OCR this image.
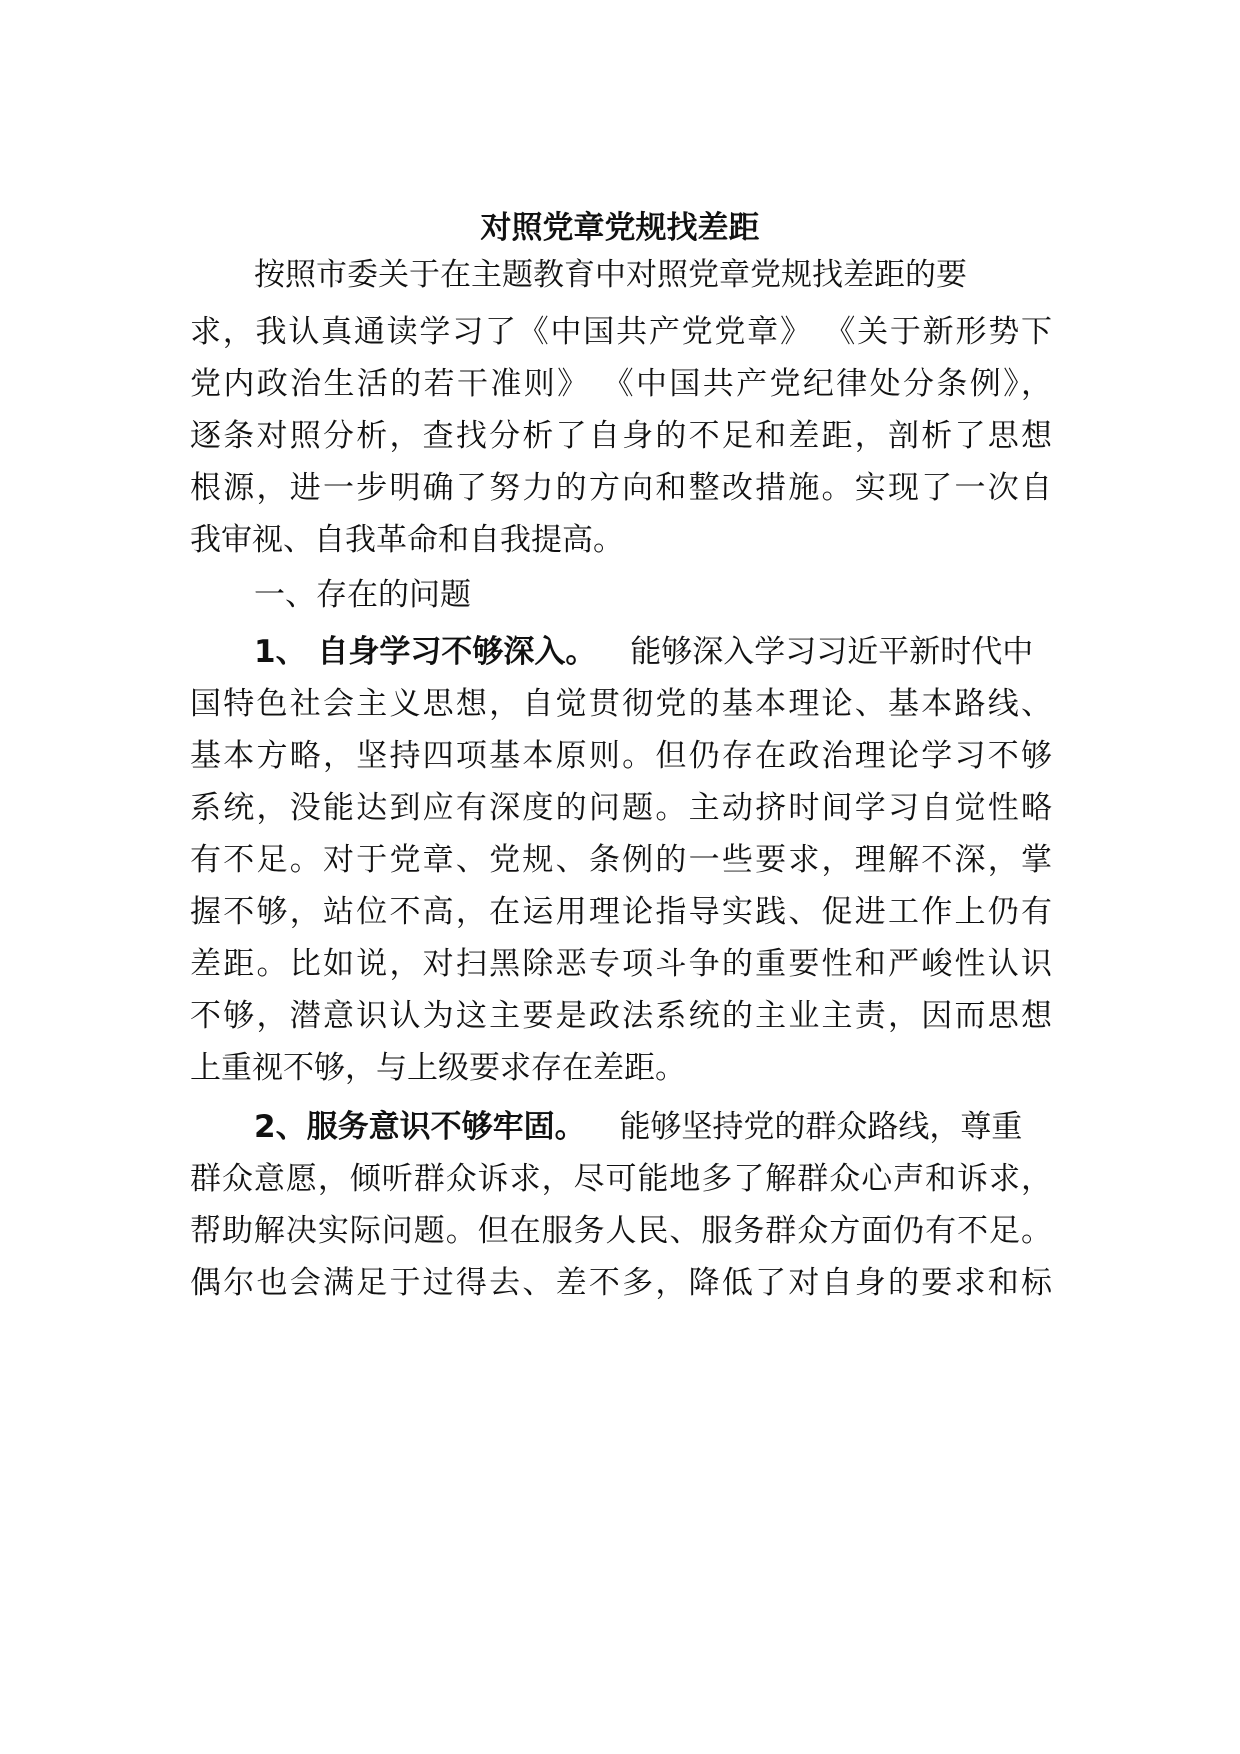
对照党章党规找差距
按照市委关于在主题教育中对照党章党规找差距的要
求，我认真通读学习了《中国共产党党章》 《关于新形势下
党内政治生活的若干准则》 《中国共产党纪律处分条例》，
逐条对照分析，查找分析了自身的不足和差距，剖析了思想
根源，进一步明确了努力的方向和整改措施。实现了一次自
我审视、自我革命和自我提高。
一、存在的问题
1、 自身学习不够深入。 能够深入学习习近平新时代中
国特色社会主义思想，自觉贯彻党的基本理论、基本路线、
基本方略，坚持四项基本原则。但仍存在政治理论学习不够
系统，没能达到应有深度的问题。主动挤时间学习自觉性略
有不足。对于党章、党规、条例的一些要求，理解不深，掌
握不够，站位不高，在运用理论指导实践、促进工作上仍有
差距。比如说，对扫黑除恶专项斗争的重要性和严峻性认识
不够，潜意识认为这主要是政法系统的主业主责，因而思想
上重视不够，与上级要求存在差距。
2、服务意识不够牢固。 能够坚持党的群众路线，尊重
群众意愿，倾听群众诉求，尽可能地多了解群众心声和诉求，
帮助解决实际问题。但在服务人民、服务群众方面仍有不足。
偶尔也会满足于过得去、差不多，降低了对自身的要求和标
